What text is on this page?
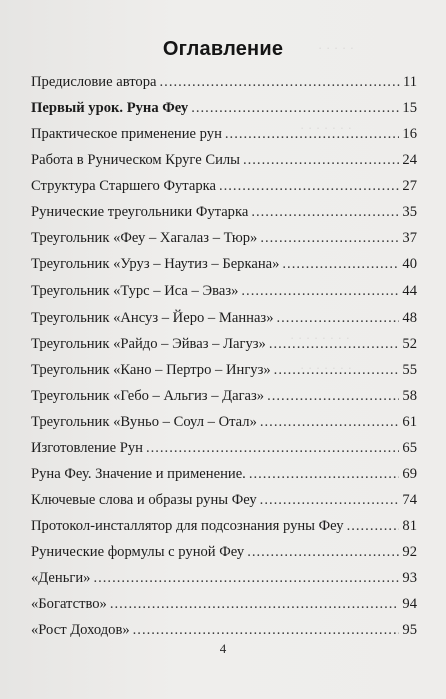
· · · · ·
· · · · · · ·
· · · · · · · ·
· · · · · · ·
Оглавление
Предисловие автора .....	11
Первый урок. Руна Феу .....	15
Практическое применение рун .....	16
Работа в Руническом Круге Силы .....	24
Структура Старшего Футарка .....	27
Рунические треугольники Футарка .....	35
Треугольник «Феу – Хагалаз – Тюр» .....	37
Треугольник «Уруз – Наутиз – Беркана» .....	40
Треугольник «Турс – Иса – Эваз» .....	44
Треугольник «Ансуз – Йеро – Манназ» .....	48
Треугольник «Райдо – Эйваз – Лагуз» .....	52
Треугольник «Кано – Пертро – Ингуз» .....	55
Треугольник «Гебо – Альгиз – Дагаз» .....	58
Треугольник «Вуньо – Соул – Отал» .....	61
Изготовление Рун .....	65
Руна Феу. Значение и применение. .....	69
Ключевые слова и образы руны Феу .....	74
Протокол-инсталлятор для подсознания руны Феу .....	81
Рунические формулы с руной Феу .....	92
«Деньги» .....	93
«Богатство» .....	94
«Рост Доходов» .....	95
4
